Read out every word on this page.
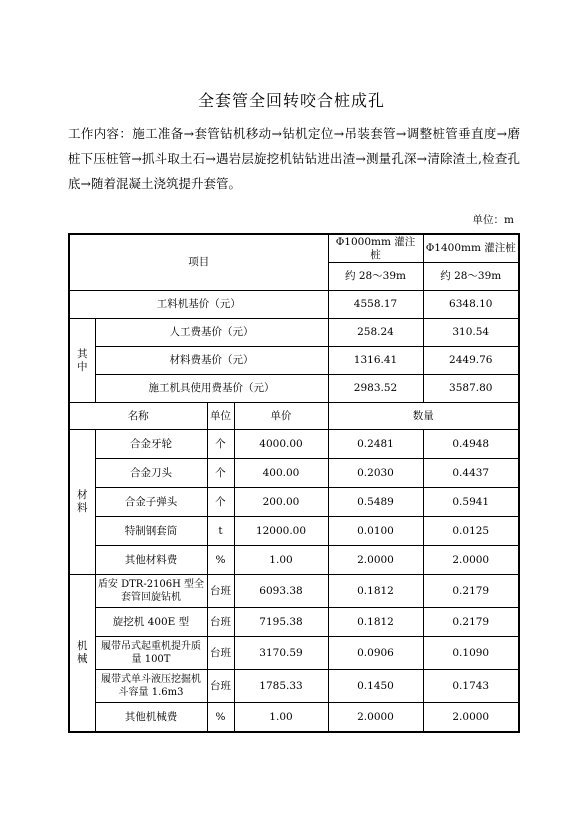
全套管全回转咬合桩成孔
工作内容：施工准备→套管钻机移动→钻机定位→吊装套管→调整桩管垂直度→磨桩下压桩管→抓斗取土石→遇岩层旋挖机钻钻进出渣→测量孔深→清除渣土,检查孔底→随着混凝土浇筑提升套管。
单位：m
项目				Φ1000mm 灌注桩	Φ1400mm 灌注桩
				约 28～39m	约 28～39m
工料机基价（元）				4558.17	6348.10
其中	人工费基价（元）			258.24	310.54
	材料费基价（元）			1316.41	2449.76
	施工机具使用费基价（元）			2983.52	3587.80
名称		单位	单价	数量	
材料	合金牙轮	个	4000.00	0.2481	0.4948
	合金刀头	个	400.00	0.2030	0.4437
	合金子弹头	个	200.00	0.5489	0.5941
	特制钢套筒	t	12000.00	0.0100	0.0125
	其他材料费	%	1.00	2.0000	2.0000
机械	盾安 DTR-2106H 型全套管回旋钻机	台班	6093.38	0.1812	0.2179
	旋挖机 400E 型	台班	7195.38	0.1812	0.2179
	履带吊式起重机提升质量 100T	台班	3170.59	0.0906	0.1090
	履带式单斗液压挖掘机 斗容量 1.6m3	台班	1785.33	0.1450	0.1743
	其他机械费	%	1.00	2.0000	2.0000
